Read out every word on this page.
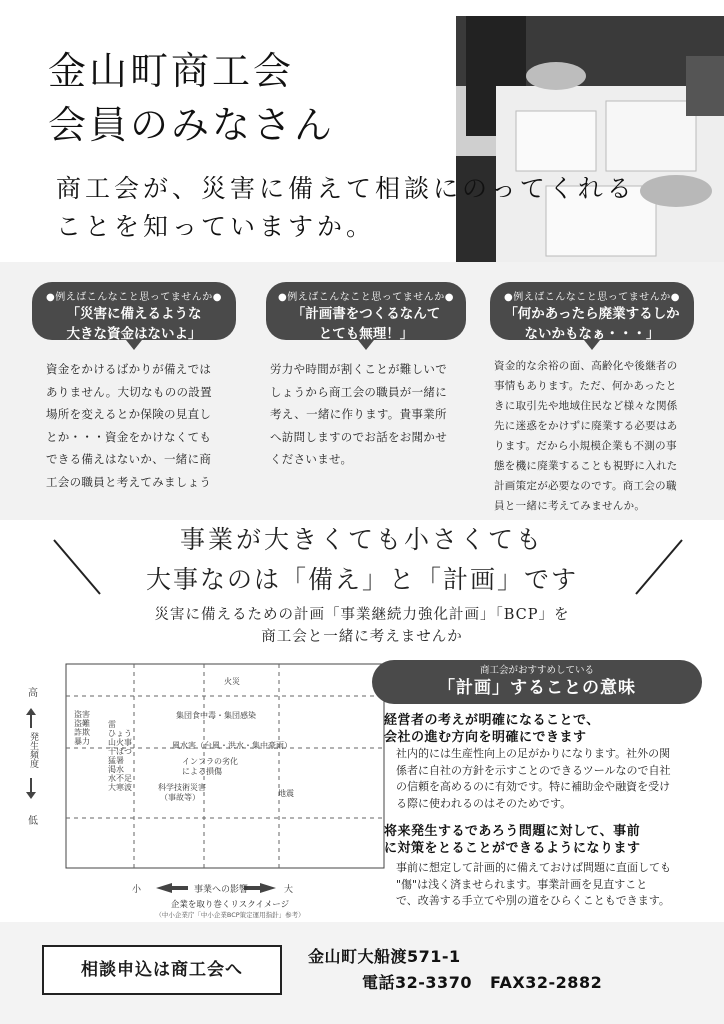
金山町商工会
会員のみなさん
商工会が、災害に備えて相談にのってくれる
ことを知っていますか。
●例えばこんなこと思ってませんか●
「災害に備えるような
大きな資金はないよ」
資金をかけるばかりが備えでは
ありません。大切なものの設置
場所を変えるとか保険の見直し
とか・・・資金をかけなくても
できる備えはないか、一緒に商
工会の職員と考えてみましょう
●例えばこんなこと思ってませんか●
「計画書をつくるなんて
とても無理！」
労力や時間が割くことが難しいで
しょうから商工会の職員が一緒に
考え、一緒に作ります。貴事業所
へ訪問しますのでお話をお聞かせ
くださいませ。
●例えばこんなこと思ってませんか●
「何かあったら廃業するしか
ないかもなぁ・・・」
資金的な余裕の面、高齢化や後継者の
事情もあります。ただ、何かあったと
きに取引先や地域住民など様々な関係
先に迷惑をかけずに廃業する必要はあ
ります。だから小規模企業も不測の事
態を機に廃業することも視野に入れた
計画策定が必要なのです。商工会の職
員と一緒に考えてみませんか。
事業が大きくても小さくても
大事なのは「備え」と「計画」です
災害に備えるための計画「事業継続力強化計画」「BCP」を
商工会と一緒に考えませんか
高
発生頻度
低
火災
集団食中毒・集団感染
風水害（台風・洪水・集中豪雨）
インフラの劣化
による損傷
科学技術災害
（事故等）	地震
盗害
盗難
詐欺
暴力
雷
ひょう
山火事
干ばつ
猛暑
渇水
水不足
大寒波
小	事業への影響	大
企業を取り巻くリスクイメージ
（中小企業庁「中小企業BCP策定運用指針」参考）
商工会がおすすめしている
「計画」することの意味
経営者の考えが明確になることで、
会社の進む方向を明確にできます
社内的には生産性向上の足がかりになります。社外の関
係者に自社の方針を示すことのできるツールなので自社
の信頼を高めるのに有効です。特に補助金や融資を受け
る際に使われるのはそのためです。
将来発生するであろう問題に対して、事前
に対策をとることができるようになります
事前に想定して計画的に備えておけば問題に直面しても
"傷"は浅く済ませられます。事業計画を見直すこと
で、改善する手立てや別の道をひらくこともできます。
相談申込は商工会へ
金山町大船渡571-1
電話32-3370 FAX32-2882
